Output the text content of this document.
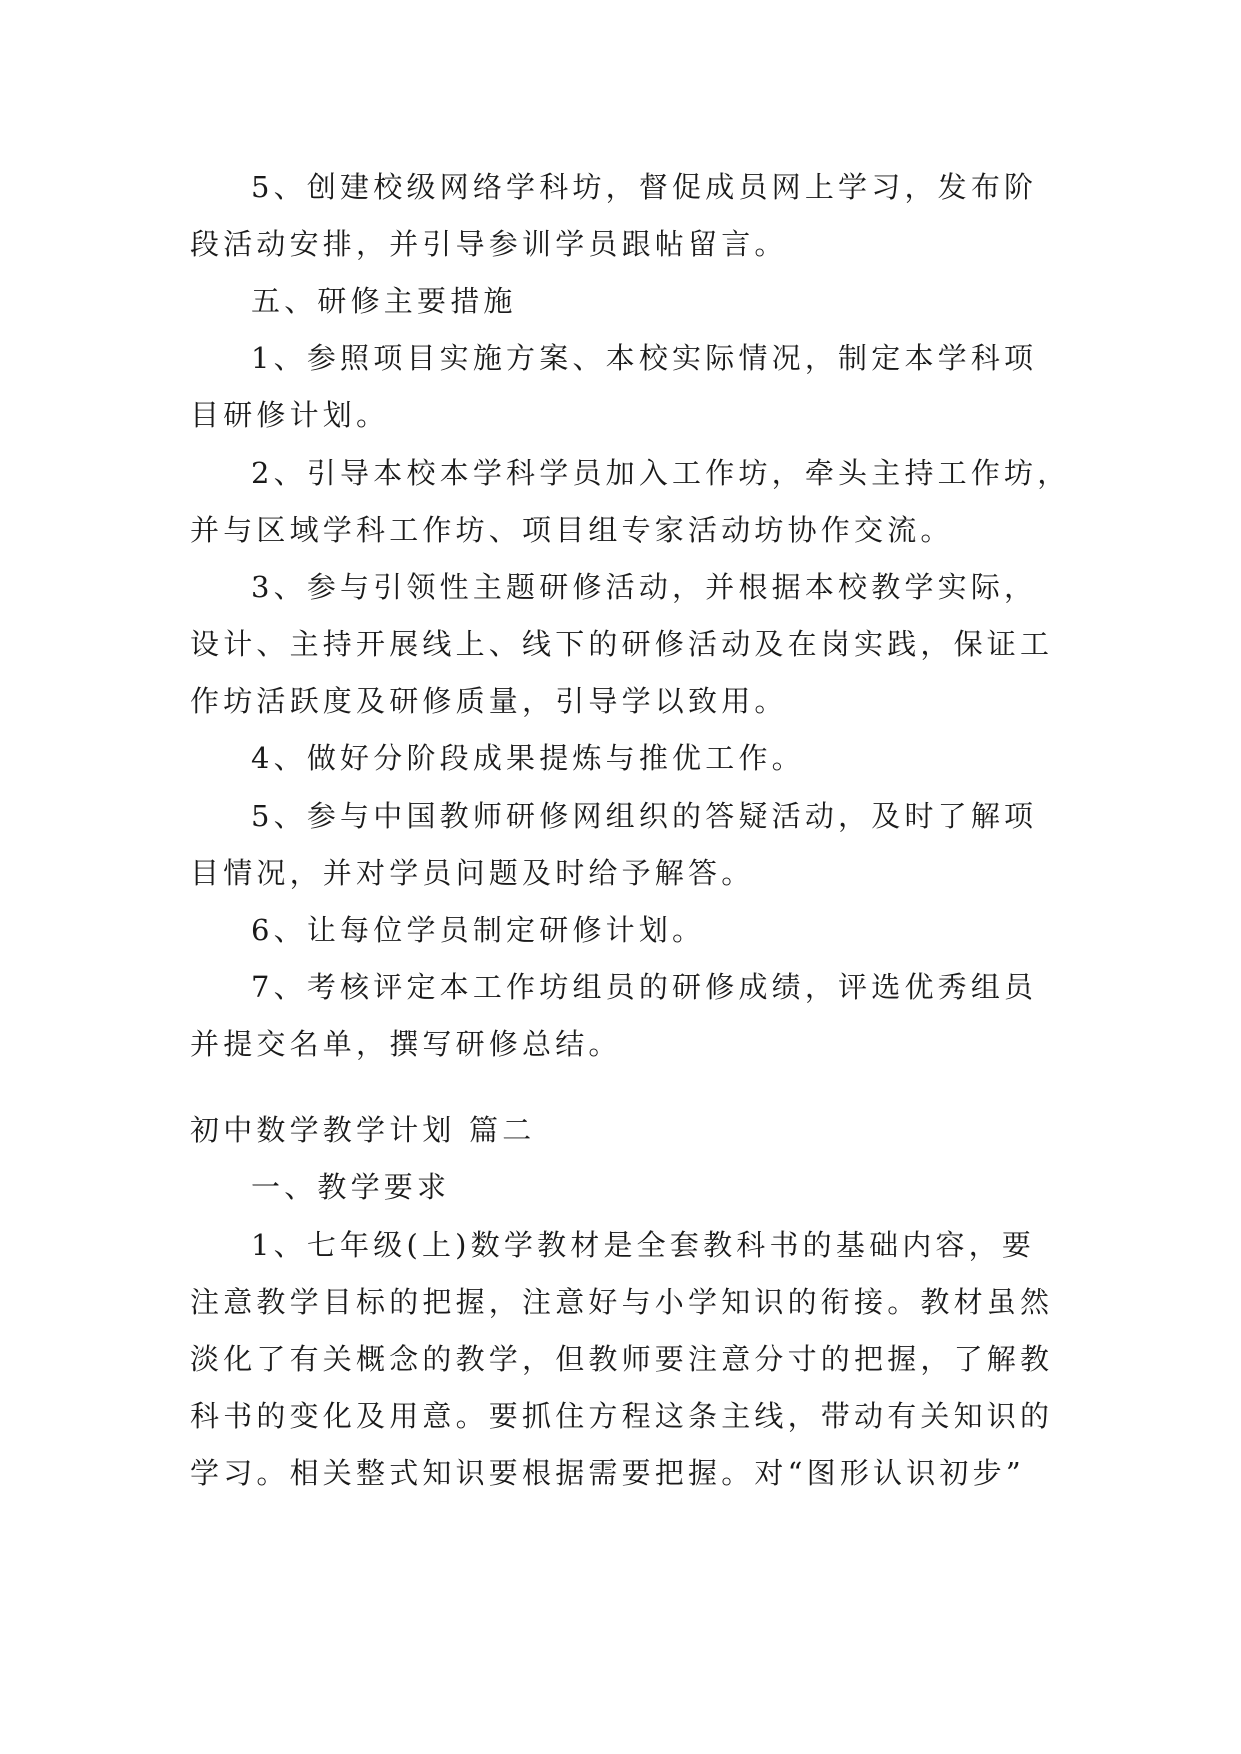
5、创建校级网络学科坊，督促成员网上学习，发布阶
段活动安排，并引导参训学员跟帖留言。
五、研修主要措施
1、参照项目实施方案、本校实际情况，制定本学科项
目研修计划。
2、引导本校本学科学员加入工作坊，牵头主持工作坊，
并与区域学科工作坊、项目组专家活动坊协作交流。
3、参与引领性主题研修活动，并根据本校教学实际，
设计、主持开展线上、线下的研修活动及在岗实践，保证工
作坊活跃度及研修质量，引导学以致用。
4、做好分阶段成果提炼与推优工作。
5、参与中国教师研修网组织的答疑活动，及时了解项
目情况，并对学员问题及时给予解答。
6、让每位学员制定研修计划。
7、考核评定本工作坊组员的研修成绩，评选优秀组员
并提交名单，撰写研修总结。
初中数学教学计划 篇二
一、教学要求
1、七年级(上)数学教材是全套教科书的基础内容，要
注意教学目标的把握，注意好与小学知识的衔接。教材虽然
淡化了有关概念的教学，但教师要注意分寸的把握，了解教
科书的变化及用意。要抓住方程这条主线，带动有关知识的
学习。相关整式知识要根据需要把握。对“图形认识初步”
